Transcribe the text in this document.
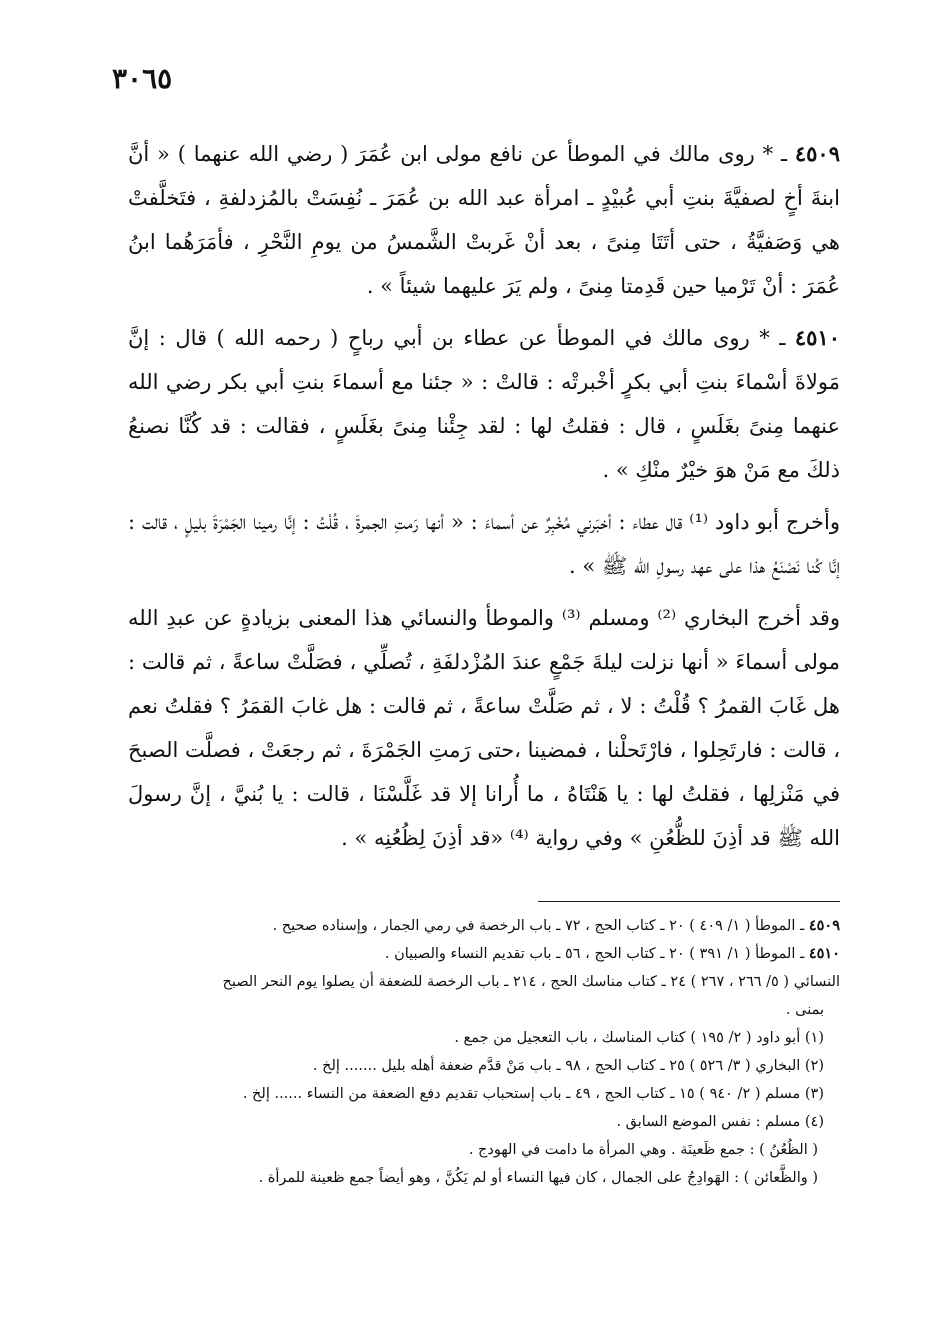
٣٠٦٥

٤٥٠٩ ـ * روى مالك في الموطأ عن نافع مولى ابن عُمَرَ ( رضي الله عنهما ) « أنَّ ابنةَ أخٍ لصفيَّةَ بنتِ أبي عُبيْدٍ ـ امرأة عبد الله بن عُمَرَ ـ نُفِسَتْ بالمُزدلفةِ ، فتَخلَّفتْ هي وَصَفيَّةُ ، حتى أتَتَا مِنىً ، بعد أنْ غَربتْ الشَّمسُ من يومِ النَّحْرِ ، فأمَرَهُما ابنُ عُمَرَ : أنْ تَرْميا حين قَدِمتا مِنىً ، ولم يَرَ عليهما شيئاً » .

٤٥١٠ ـ * روى مالك في الموطأ عن عطاء بن أبي رباحٍ ( رحمه الله ) قال : إنَّ مَولاةَ أسْماءَ بنتِ أبي بكرٍ أخْبرتْه : قالتْ : « جئنا مع أسماءَ بنتِ أبي بكر رضي الله عنهما مِنىً بغَلَسٍ ، قال : فقلتُ لها : لقد جِئْنا مِنىً بغَلَسٍ ، فقالت : قد كُنَّا نصنعُ ذلكَ مع مَنْ هوَ خيْرٌ منْكِ » .

وأخرج أبو داود ⁽¹⁾ قال عطاء : أخبَرني مُخْبِرٌ عن أسماءَ : « أنها رَمتِ الجمرةَ ، قُلْتُ : إنَّا رمينا الجَمْرَةَ بليلٍ ، قالت : إنَّا كُنا نَصْنَعُ هذا على عهد رسولِ الله ﷺ » .

وقد أخرج البخاري ⁽²⁾ ومسلم ⁽³⁾ والموطأ والنسائي هذا المعنى بزيادةٍ عن عبدِ الله مولى أسماءَ « أنها نزلت ليلةَ جَمْعٍ عندَ المُزْدلفَةِ ، تُصلِّي ، فصَلَّتْ ساعةً ، ثم قالت : هل غَابَ القمرُ ؟ قُلْتُ : لا ، ثم صَلَّتْ ساعةً ، ثم قالت : هل غابَ القمَرُ ؟ فقلتُ نعم ، قالت : فارتَحِلوا ، فارْتَحلْنا ، فمضينا ،حتى رَمتِ الجَمْرَةَ ، ثم رجعَتْ ، فصلَّت الصبحَ في مَنْزلِها ، فقلتُ لها : يا هَنْتَاهُ ، ما أُرانا إلا قد غَلَّسْنَا ، قالت : يا بُنيَّ ، إنَّ رسولَ الله ﷺ قد أذِنَ للظُّعُنِ » وفي رواية ⁽⁴⁾ «قد أذِنَ لِظُعُنِه » .

٤٥٠٩ ـ الموطأ ( ١/ ٤٠٩ ) ٢٠ ـ كتاب الحج ، ٧٢ ـ باب الرخصة في رمي الجمار ، وإسناده صحيح .
٤٥١٠ ـ الموطأ ( ١/ ٣٩١ ) ٢٠ ـ كتاب الحج ، ٥٦ ـ باب تقديم النساء والصبيان .
النسائي ( ٥/ ٢٦٦ ، ٢٦٧ ) ٢٤ ـ كتاب مناسك الحج ، ٢١٤ ـ باب الرخصة للضعفة أن يصلوا يوم النحر الصبح
بمنى .
(١) أبو داود ( ٢/ ١٩٥ ) كتاب المناسك ، باب التعجيل من جمع .
(٢) البخاري ( ٣/ ٥٢٦ ) ٢٥ ـ كتاب الحج ، ٩٨ ـ باب مَنْ قدَّم ضعفة أهله بليل ....... إلخ .
(٣) مسلم ( ٢/ ٩٤٠ ) ١٥ ـ كتاب الحج ، ٤٩ ـ باب إستحباب تقديم دفع الضعفة من النساء ...... إلخ .
(٤) مسلم : نفس الموضع السابق .
( الظُعُنُ ) : جمع ظَعينَة . وهي المرأة ما دامت في الهودج .
( والظَّعائن ) : الهَوادِجُ على الجمال ، كان فيها النساء أو لم يَكُنَّ ، وهو أيضاً جمع ظعينة للمرأة .
